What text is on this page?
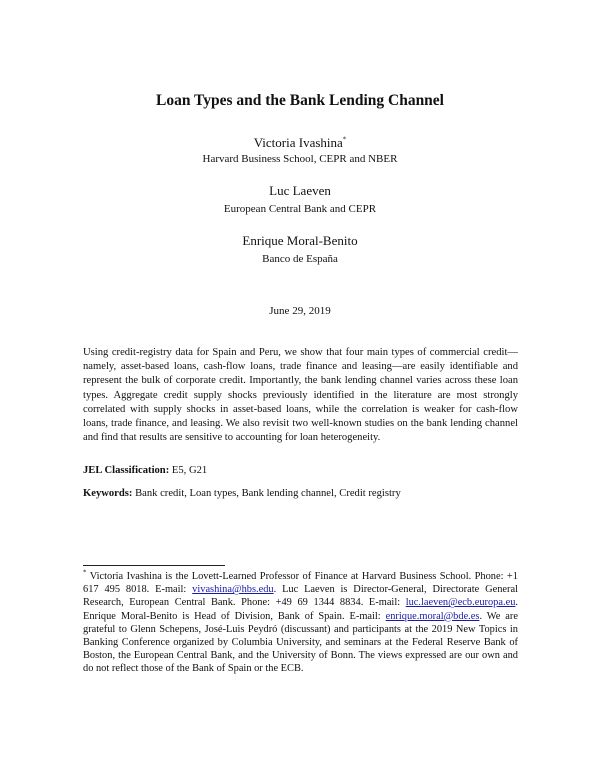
Loan Types and the Bank Lending Channel
Victoria Ivashina*
Harvard Business School, CEPR and NBER
Luc Laeven
European Central Bank and CEPR
Enrique Moral-Benito
Banco de España
June 29, 2019

Using credit-registry data for Spain and Peru, we show that four main types of commercial credit—namely, asset-based loans, cash-flow loans, trade finance and leasing—are easily identifiable and represent the bulk of corporate credit. Importantly, the bank lending channel varies across these loan types. Aggregate credit supply shocks previously identified in the literature are most strongly correlated with supply shocks in asset-based loans, while the correlation is weaker for cash-flow loans, trade finance, and leasing. We also revisit two well-known studies on the bank lending channel and find that results are sensitive to accounting for loan heterogeneity.

JEL Classification: E5, G21

Keywords: Bank credit, Loan types, Bank lending channel, Credit registry

* Victoria Ivashina is the Lovett-Learned Professor of Finance at Harvard Business School. Phone: +1 617 495 8018. E-mail: vivashina@hbs.edu. Luc Laeven is Director-General, Directorate General Research, European Central Bank. Phone: +49 69 1344 8834. E-mail: luc.laeven@ecb.europa.eu. Enrique Moral-Benito is Head of Division, Bank of Spain. E-mail: enrique.moral@bde.es. We are grateful to Glenn Schepens, José-Luis Peydró (discussant) and participants at the 2019 New Topics in Banking Conference organized by Columbia University, and seminars at the Federal Reserve Bank of Boston, the European Central Bank, and the University of Bonn. The views expressed are our own and do not reflect those of the Bank of Spain or the ECB.
